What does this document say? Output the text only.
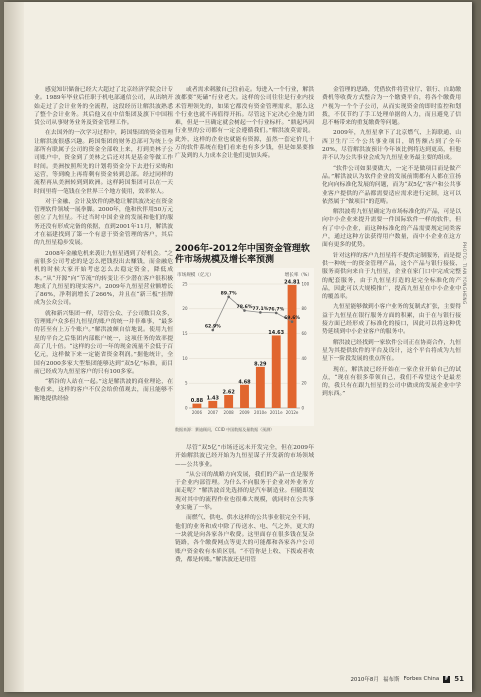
感觉知识储备已经大大超过了北京经济学院会计专业。1989年毕业后任职于机电部通信公司，从出纳开始走过了会计业务的全流程，这段经历让解洪波熟悉了整个会计业务。其后他又在中信集团及旗下中国租赁公司从事财务业务及资金管理工作。

在去国外的一次学习过程中，跨国集团的资金管理让解洪波很感兴趣。跨国集团的财务总部可为统上全部所有联属子公司的资金全部收上来，打到美林子公司账户中，资金到了美林之后还对其是基金等做工作时间。美洲按照所先的计划将资金分下去进行采购和运营，等到晚上再将剩有资金转到总部。经过同样的流程再从美洲转到到欧洲。这样跨国集团可以在一天时间里将一笔钱在全世界三个地方使用，效率惊人。

对于金融、会计及软件的熟稔让解洪波决定在资金管理软件领域一展拳脚。2000年，他和伙伴用50万元创立了九恒星。不过当时中国企业的发展和他们的服务还没有形成完备的依据，直到2001年11月，解洪波才在福建找到了第一个有意于资金管理的客户，其后的九恒星稳步发展。

2008年金融危机来袭让九恒星遇到了好机会。“之前很多公司考虑的是怎么把钱投出去赚钱，而金融危机的时候大家开始考虑怎么去稳定资金，降低成本。”从“开源”向“节流”的转变让不少潜在客户很积极地成了九恒星的现实客户。2009年九恒星营业额增长了86%，净利润增长了266%，并且在“新三板”挂牌成为公众公司。

就和新兴集团一样，尽管公众、子公司数目众多，管理账户众多但九恒星的账户的统一并非难事，“最多的甚至有上万个账户。”解洪波颇自信地说。使用九恒星的平台之后集团内部账户统一，这项任务的效率提高了几十倍。“这样的公司一年的现金流量不会低于百亿元，这样做下来一定能省资金利润。”据他统计，全国有2000多家大型集团能够达到“双5亿”标准，而目前已经成为九恒星客户的只有100多家。

“稻谷的人站在一起。”这是解洪波的商业理论，在他看来，这样的客户不仅会给价值观去，而且能够不断地提供经验

或者需求刺激自己往前走。每进入一个行业，解洪波都要“死磕”行业老大。这样的公司往往是行业内技术管理领先的，如果它都没有资金管理需求，那么这个行业也就不再值得开拓。尽管这下定决心全施力团难，但是一旦确定就会树起一个行业标杆。“鼎起玛因行业里的公司都有一定会遵循我们。”解洪波莫需说。此外，这样的企业也就能有资源，虽然一套定价几十万的软件系统在他们看来也有多少钱，但是如果要推广及到的人力成本会让他们更加头疼。

2006年-2012年中国资金管理软件市场规模及增长率预测
市场规模（亿元）	增长率（%）
25
20
15
10
5
0
100
80
60
40
20
0
0.88 1.43
2.62
4.68
8.29
14.63
24.81
62.9%
89.7%
78.6% 77.1% 76.7%
69.6%
2006 2007 2008 2009 2010e 2011e 2012e
数据来源：赛迪顾问，CCID 中国数据及量数据（预测）

尽管“双5亿”市场还远未开发完全，但在2009年开始解洪波已经开始为九恒星谋子开发新的市场领域——公共事业。

“从公司的战略方向发展，我们的产品一直是服务于企业内部管理。为什么不向服务于企业对外业务方面走呢？”解洪波首先选择的是汽车制造业。但随即发现对其中的流程作业也很难大规模，就同时在公共事业实施了一举。

而燃气、供电、供水这样的公共事业很完全不同，他们的业务和成中除了传送水、电、气之外，更大的一块就是向各家各户收费。这里面存在很多钱在复杂链路，各个缴费网点等更大的可能都和各家各户公司账户资金收有本质区别。“不管你是上收、下拨或者收费，都是转账。”解洪波还是用管

金管理的思路，凭借软件将营业厅、银行、自助缴费机等收费方式整合为一个缴费平台，将各个缴费用户视为一个个子公司，从而实现资金的即时监控和划拨，不仅节约了手工处理单据的人力，而且避免了信息不畅带来的重复缴费等问题。

2009年，九恒星拿下了北京燃气、上海联通、山西卫生厅三个公共事业项目，销售额占到了全年20%，尽管解洪波预计今年该比例将达到更高，但他并不认为公共事业会成为九恒星业务最主要的组成。

“软件公司如果要做大，一定不是做项目而是做产品。”解洪波认为软件企业的发展前期都有人都在宣扬化向向标准化发展的问题，而为“双5亿”客户和公共事业客户提供的产品都需要适应需求进行定制，这可以依然属于“做项目”的范畴。

解洪波将九恒星确定为市场标准化的产品，可是以向中小企业来提升需要一件国际软件一样的软件，但有了中小企业，而这种标准化的产品需要规定同类客户，通过这种方法获得用户数量，而中小企业在这方面有更多的优势。

针对这样的客户九恒星将不提供定制服务，而是提供一种统一的资金管理产品，这个产品与银行接接、服务商供向来自于九恒星，企业在家门口中完成完整的配套服务，由于九恒星打造的是完全标准化的产品，因此可以大规模推广，提高九恒星在中小企业中的覆盖率。

九恒星能够做到小客户业务的复制式扩张，主要得益于九恒星在银行服务方面的积累，由于在与银行接接方面已经形成了标准化的接口，因此可以将这种优势延续到中小企业客户的服务中。

解洪波已经找到一家软件公司正在协商合作，九恒星为其提供软件的平台及设计，这个平台将成为九恒星下一阶段发展的重点所在。

现在，解洪波已经开始在一家企业开始自己的试点，“现在有很多带领自己，我们不希望这个是最差的，我只有在跟九恒星的公司中做成的发展企业中学到东西。”

PHOTO: TIAN YONGHENG
2010年8月 福布斯 Forbes China	F 51
